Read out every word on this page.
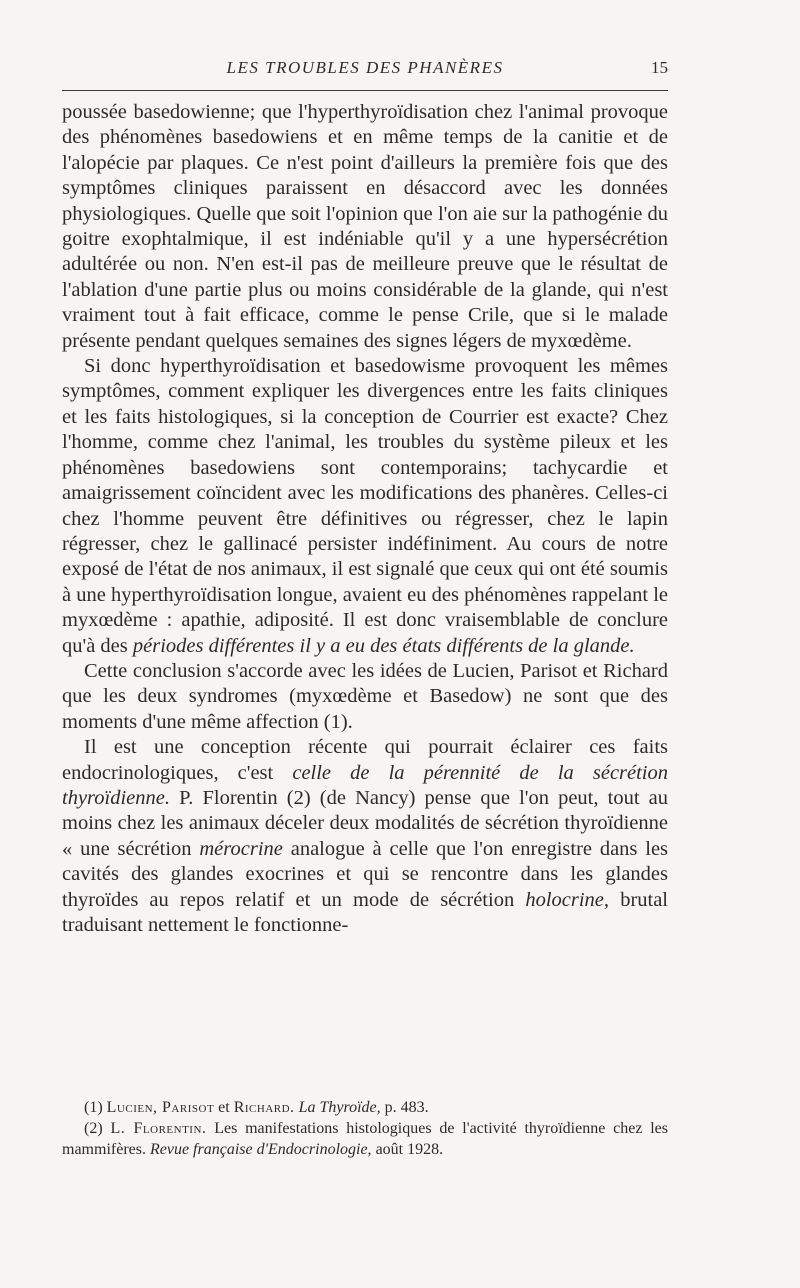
LES TROUBLES DES PHANÈRES	15

poussée basedowienne; que l'hyperthyroïdisation chez l'animal provoque des phénomènes basedowiens et en même temps de la canitie et de l'alopécie par plaques. Ce n'est point d'ailleurs la première fois que des symptômes cliniques paraissent en désaccord avec les données physiologiques. Quelle que soit l'opinion que l'on aie sur la pathogénie du goitre exophtalmique, il est indéniable qu'il y a une hypersécrétion adultérée ou non. N'en est-il pas de meilleure preuve que le résultat de l'ablation d'une partie plus ou moins considérable de la glande, qui n'est vraiment tout à fait efficace, comme le pense Crile, que si le malade présente pendant quelques semaines des signes légers de myxœdème.

Si donc hyperthyroïdisation et basedowisme provoquent les mêmes symptômes, comment expliquer les divergences entre les faits cliniques et les faits histologiques, si la conception de Courrier est exacte? Chez l'homme, comme chez l'animal, les troubles du système pileux et les phénomènes basedowiens sont contemporains; tachycardie et amaigrissement coïncident avec les modifications des phanères. Celles-ci chez l'homme peuvent être définitives ou régresser, chez le lapin régresser, chez le gallinacé persister indéfiniment. Au cours de notre exposé de l'état de nos animaux, il est signalé que ceux qui ont été soumis à une hyperthyroïdisation longue, avaient eu des phénomènes rappelant le myxœdème : apathie, adiposité. Il est donc vraisemblable de conclure qu'à des périodes différentes il y a eu des états différents de la glande.

Cette conclusion s'accorde avec les idées de Lucien, Parisot et Richard que les deux syndromes (myxœdème et Basedow) ne sont que des moments d'une même affection (1).

Il est une conception récente qui pourrait éclairer ces faits endocrinologiques, c'est celle de la pérennité de la sécrétion thyroïdienne. P. Florentin (2) (de Nancy) pense que l'on peut, tout au moins chez les animaux déceler deux modalités de sécrétion thyroïdienne « une sécrétion mérocrine analogue à celle que l'on enregistre dans les cavités des glandes exocrines et qui se rencontre dans les glandes thyroïdes au repos relatif et un mode de sécrétion holocrine, brutal traduisant nettement le fonctionne-

(1) Lucien, Parisot et Richard. La Thyroïde, p. 483.

(2) L. Florentin. Les manifestations histologiques de l'activité thyroïdienne chez les mammifères. Revue française d'Endocrinologie, août 1928.
